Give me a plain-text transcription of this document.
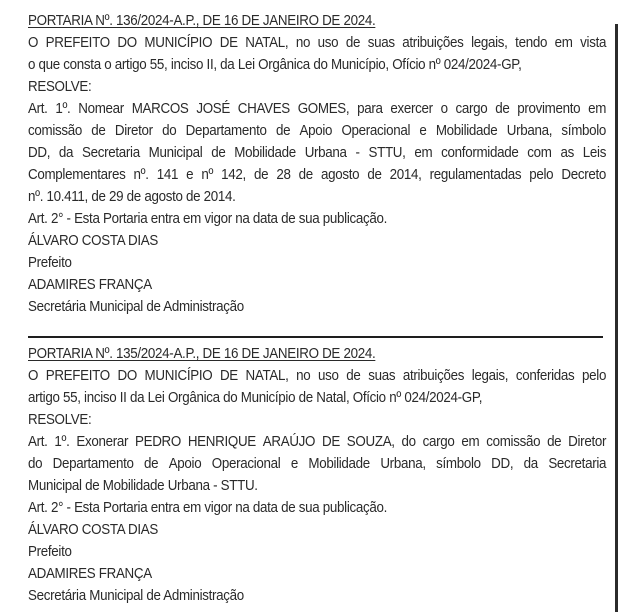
PORTARIA Nº. 136/2024-A.P., DE 16 DE JANEIRO DE 2024.
O PREFEITO DO MUNICÍPIO DE NATAL, no uso de suas atribuições legais, tendo em vista
o que consta o artigo 55, inciso II, da Lei Orgânica do Município, Ofício nº 024/2024-GP,
RESOLVE:
Art. 1º. Nomear MARCOS JOSÉ CHAVES GOMES, para exercer o cargo de provimento em
comissão de Diretor do Departamento de Apoio Operacional e Mobilidade Urbana, símbolo
DD, da Secretaria Municipal de Mobilidade Urbana - STTU, em conformidade com as Leis
Complementares nº. 141 e nº 142, de 28 de agosto de 2014, regulamentadas pelo Decreto
nº. 10.411, de 29 de agosto de 2014.
Art. 2° - Esta Portaria entra em vigor na data de sua publicação.
ÁLVARO COSTA DIAS
Prefeito
ADAMIRES FRANÇA
Secretária Municipal de Administração
PORTARIA Nº. 135/2024-A.P., DE 16 DE JANEIRO DE 2024.
O PREFEITO DO MUNICÍPIO DE NATAL, no uso de suas atribuições legais, conferidas pelo
artigo 55, inciso II da Lei Orgânica do Município de Natal, Ofício nº 024/2024-GP,
RESOLVE:
Art. 1º. Exonerar PEDRO HENRIQUE ARAÚJO DE SOUZA, do cargo em comissão de Diretor
do Departamento de Apoio Operacional e Mobilidade Urbana, símbolo DD, da Secretaria
Municipal de Mobilidade Urbana - STTU.
Art. 2° - Esta Portaria entra em vigor na data de sua publicação.
ÁLVARO COSTA DIAS
Prefeito
ADAMIRES FRANÇA
Secretária Municipal de Administração
